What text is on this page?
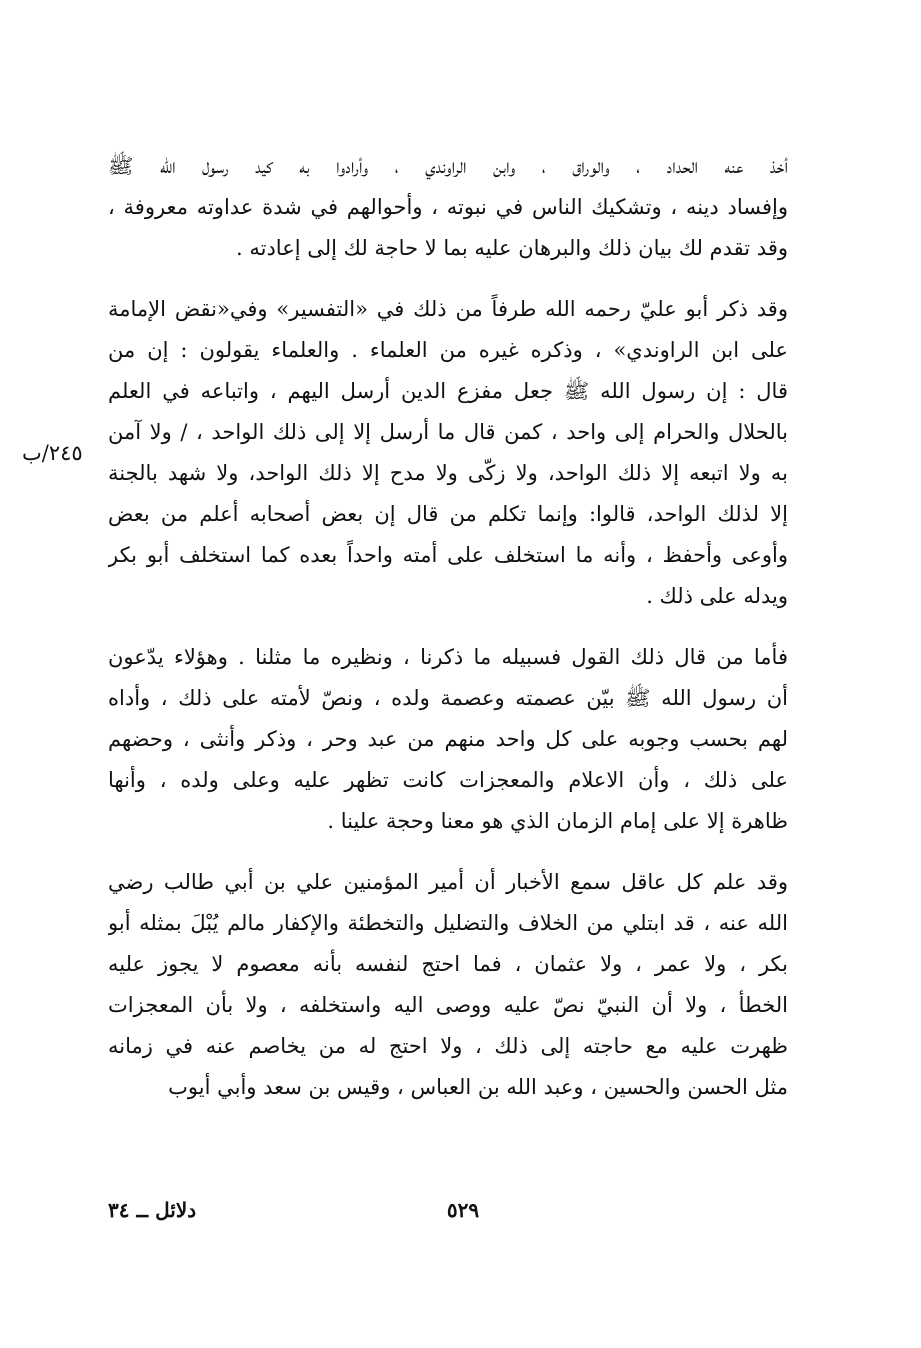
أخذ عنه الحداد ، والوراق ، وابن الراوندي ، وأرادوا به كيد رسول الله ﷺ
وإفساد دينه ، وتشكيك الناس في نبوته ، وأحوالهم في شدة عداوته معروفة ،
وقد تقدم لك بيان ذلك والبرهان عليه بما لا حاجة لك إلى إعادته .
وقد ذكر أبو عليّ رحمه الله طرفاً من ذلك في «التفسير» وفي«نقض الإمامة
على ابن الراوندي» ، وذكره غيره من العلماء . والعلماء يقولون : إن من
قال : إن رسول الله ﷺ جعل مفزع الدين أرسل اليهم ، واتباعه في العلم
بالحلال والحرام إلى واحد ، كمن قال ما أرسل إلا إلى ذلك الواحد ، / ولا آمن
به ولا اتبعه إلا ذلك الواحد، ولا زكّى ولا مدح إلا ذلك الواحد، ولا شهد بالجنة
إلا لذلك الواحد، قالوا: وإنما تكلم من قال إن بعض أصحابه أعلم من بعض
وأوعى وأحفظ ، وأنه ما استخلف على أمته واحداً بعده كما استخلف أبو بكر
ويدله على ذلك .
فأما من قال ذلك القول فسبيله ما ذكرنا ، ونظيره ما مثلنا . وهؤلاء يدّعون
أن رسول الله ﷺ بيّن عصمته وعصمة ولده ، ونصّ لأمته على ذلك ، وأداه
لهم بحسب وجوبه على كل واحد منهم من عبد وحر ، وذكر وأنثى ، وحضهم
على ذلك ، وأن الاعلام والمعجزات كانت تظهر عليه وعلى ولده ، وأنها
ظاهرة إلا على إمام الزمان الذي هو معنا وحجة علينا .
وقد علم كل عاقل سمع الأخبار أن أمير المؤمنين علي بن أبي طالب رضي
الله عنه ، قد ابتلي من الخلاف والتضليل والتخطئة والإكفار مالم يُبْلَ بمثله أبو
بكر ، ولا عمر ، ولا عثمان ، فما احتج لنفسه بأنه معصوم لا يجوز عليه
الخطأ ، ولا أن النبيّ نصّ عليه ووصى اليه واستخلفه ، ولا بأن المعجزات
ظهرت عليه مع حاجته إلى ذلك ، ولا احتج له من يخاصم عنه في زمانه
مثل الحسن والحسين ، وعبد الله بن العباس ، وقيس بن سعد وأبي أيوب
٢٤٥/ب
٥٢٩
دلائل ــ ٣٤
